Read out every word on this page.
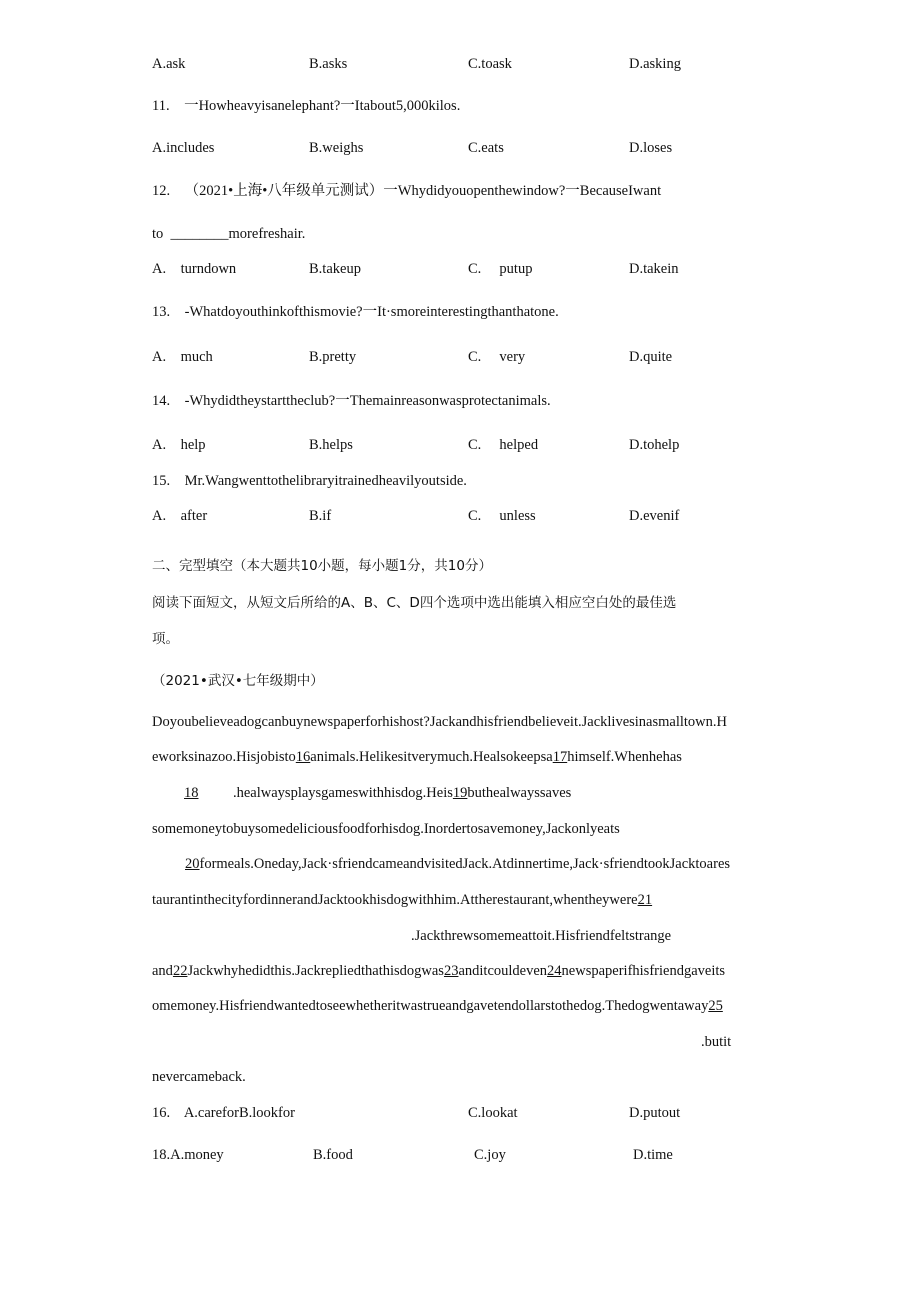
A.ask	B.asks	C.toask	D.asking
11.    一Howheavyisanelephant?一Itabout5,000kilos.
A.includes	B.weighs	C.eats	D.loses
12.    （2021•上海•八年级单元测试）一Whydidyouopenthewindow?一BecauseIwant
to  ________morefreshair.
A.    turndown	B.takeup	C.     putup	D.takein
13.    -Whatdoyouthinkofthismovie?一It·smoreinterestingthanthatone.
A.    much	B.pretty	C.     very	D.quite
14.    -Whydidtheystarttheclub?一Themainreasonwasprotectanimals.
A.    help	B.helps	C.     helped	D.tohelp
15.    Mr.Wangwenttothelibraryitrainedheavilyoutside.
A.    after	B.if	C.     unless	D.evenif
二、完型填空（本大题共10小题，每小题1分，共10分）
阅读下面短文，从短文后所给的A、B、C、D四个选项中选出能填入相应空白处的最佳选
项。
（2021•武汉•七年级期中）
Doyoubelieveadogcanbuynewspaperforhishost?Jackandhisfriendbelieveit.Jacklivesinasmalltown.H
eworksinazoo.Hisjobisto16animals.Helikesitverymuch.Healsokeepsa17himself.Whenhehas
18 .healwaysplaysgameswithhisdog.Heis19buthealwayssaves
somemoneytobuysomedeliciousfoodforhisdog.Inordertosavemoney,Jackonlyeats
20formeals.Oneday,Jack·sfriendcameandvisitedJack.Atdinnertime,Jack·sfriendtookJacktoares
taurantinthecityfordinnerandJacktookhisdogwithhim.Attherestaurant,whentheywere21
.Jackthrewsomemeattoit.Hisfriendfeltstrange
and22Jackwhyhedidthis.Jackrepliedthathisdogwas23anditcouldeven24newspaperifhisfriendgaveits
omemoney.Hisfriendwantedtoseewhetheritwastrueandgavetendollarstothedog.Thedogwentaway25
.butit
nevercameback.
16.    A.careforB.lookfor	C.lookat	D.putout
18.A.money	B.food	C.joy	D.time
